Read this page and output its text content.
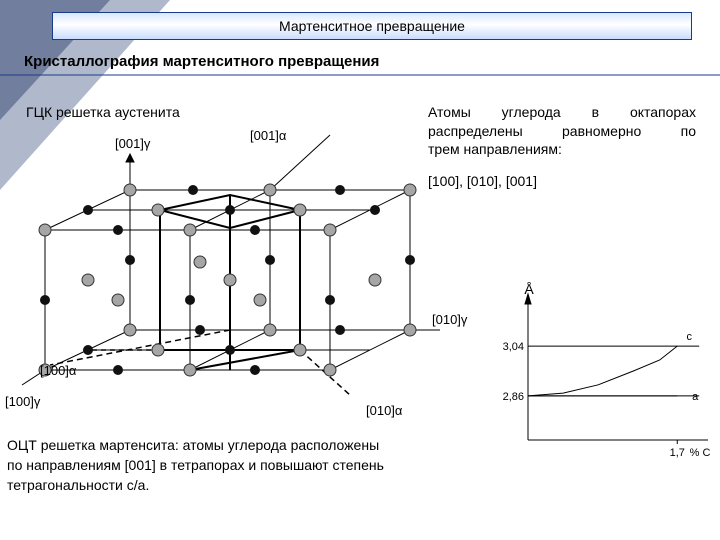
Мартенситное превращение
Кристаллография мартенситного превращения
ГЦК решетка аустенита	Атомы углерода в октапорах
распределены равномерно по
трем направлениям:
[100], [010], [001]
ОЦТ решетка мартенсита: атомы углерода расположены
по направлениям [001] в тетрапорах и повышают степень
тетрагональности с/а.
[001]γ
[001]α
[010]γ
[100]α
[100]γ
[010]α
Å
% C
3,04
2,86
1,7
c
a
